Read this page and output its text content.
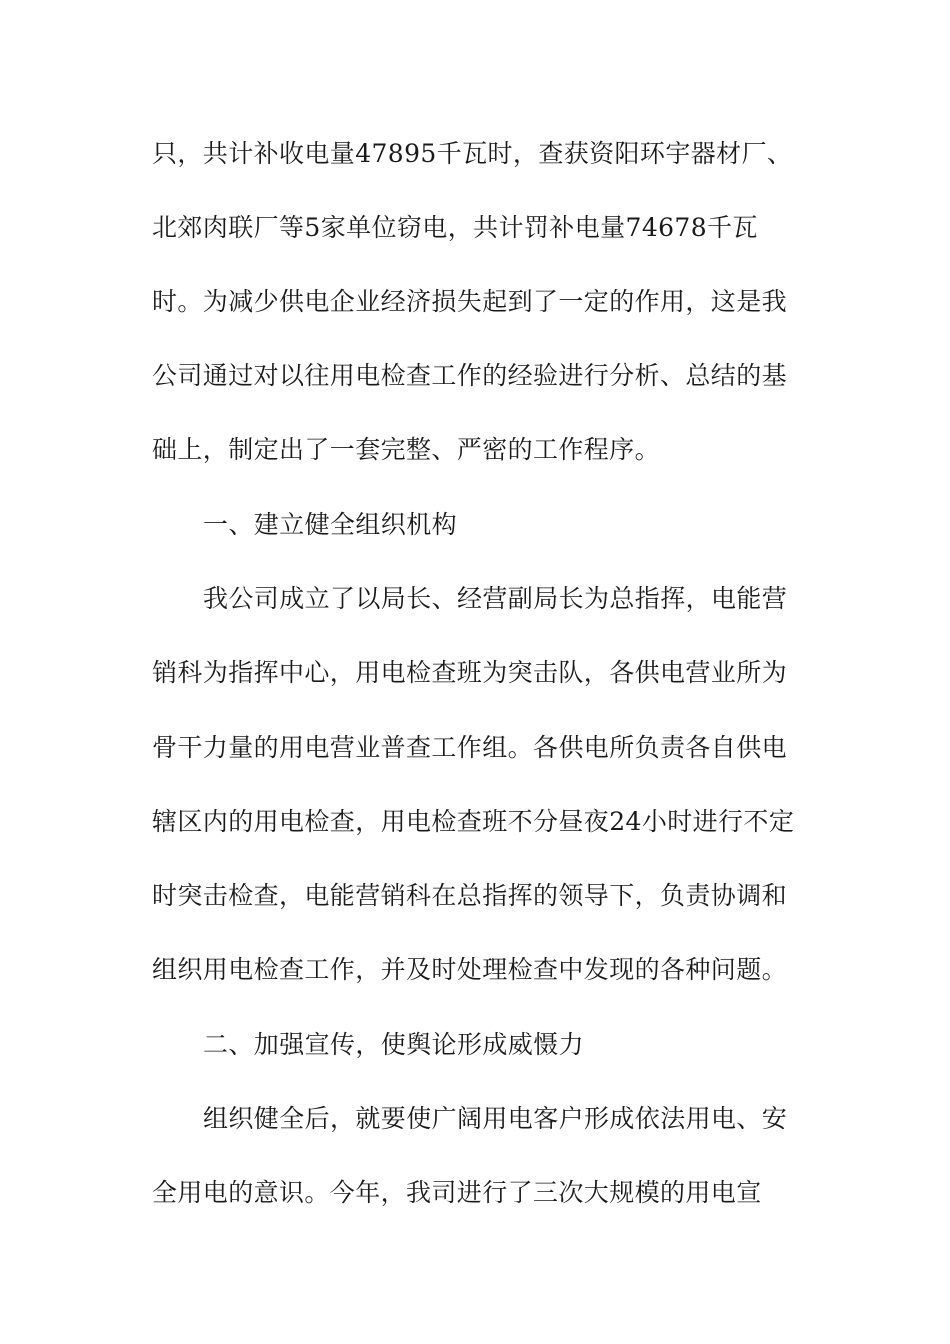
只，共计补收电量47895千瓦时，查获资阳环宇器材厂、
北郊肉联厂等5家单位窃电，共计罚补电量74678千瓦
时。为减少供电企业经济损失起到了一定的作用，这是我
公司通过对以往用电检查工作的经验进行分析、总结的基
础上，制定出了一套完整、严密的工作程序。
一、建立健全组织机构
我公司成立了以局长、经营副局长为总指挥，电能营
销科为指挥中心，用电检查班为突击队，各供电营业所为
骨干力量的用电营业普查工作组。各供电所负责各自供电
辖区内的用电检查，用电检查班不分昼夜24小时进行不定
时突击检查，电能营销科在总指挥的领导下，负责协调和
组织用电检查工作，并及时处理检查中发现的各种问题。
二、加强宣传，使舆论形成威慑力
组织健全后，就要使广阔用电客户形成依法用电、安
全用电的意识。今年，我司进行了三次大规模的用电宣
